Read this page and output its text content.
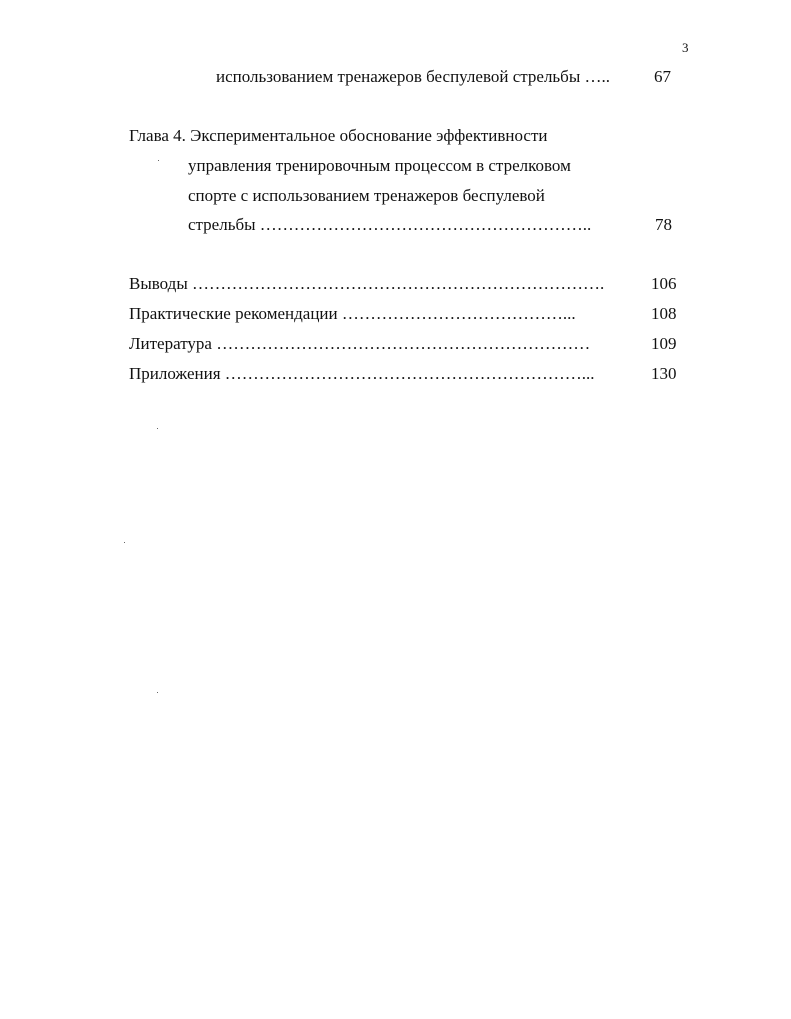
3
использованием тренажеров беспулевой стрельбы …..	67
Глава 4. Экспериментальное обоснование эффективности
управления тренировочным процессом в стрелковом
спорте с использованием тренажеров беспулевой
стрельбы …………………………………………………..	78
Выводы ……………………………………………………………….	106
Практические рекомендации …………………………………...	108
Литература …………………………………………………………	109
Приложения ………………………………………………………...	130
